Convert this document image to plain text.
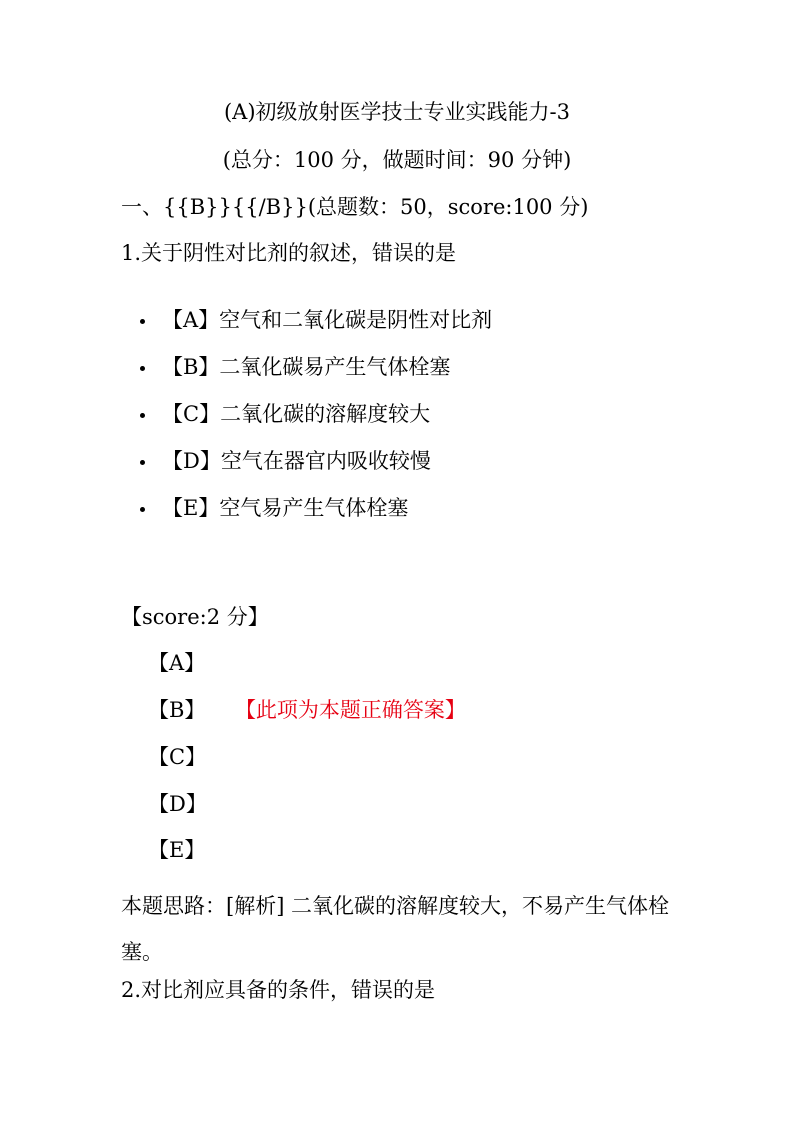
(A)初级放射医学技士专业实践能力-3
(总分：100 分，做题时间：90 分钟)
一、{{B}}{{/B}}(总题数：50，score:100 分)
1.关于阴性对比剂的叙述，错误的是
【A】空气和二氧化碳是阴性对比剂
【B】二氧化碳易产生气体栓塞
【C】二氧化碳的溶解度较大
【D】空气在器官内吸收较慢
【E】空气易产生气体栓塞
【score:2 分】
【A】
【B】 【此项为本题正确答案】
【C】
【D】
【E】
本题思路：[解析] 二氧化碳的溶解度较大，不易产生气体栓塞。
2.对比剂应具备的条件，错误的是
